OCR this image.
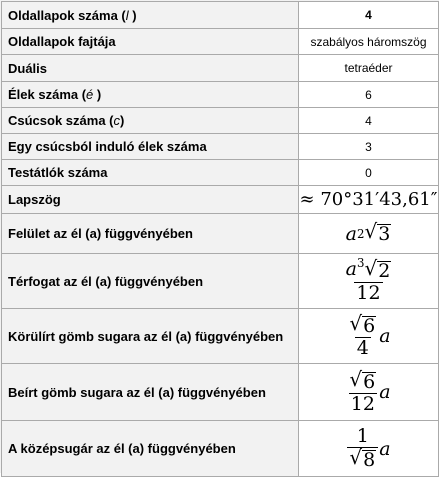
Oldallapok száma (l )	4
Oldallapok fajtája	szabályos háromszög
Duális	tetraéder
Élek száma (é )	6
Csúcsok száma (c)	4
Egy csúcsból induló élek száma	3
Testátlók száma	0
Lapszög	≈ 70°31′43,61″
Felület az él (a) függvényében	a 2 √ 3

Térfogat az él (a) függvényében	$\frac{a^3 √ 2}{12}$

Körülírt gömb sugara az él (a) függvényében	$\frac{√ 6}{4}$ a

Beírt gömb sugara az él (a) függvényében	$\frac{√ 6}{12}$ a

A középsugár az él (a) függvényében	$\frac{1}{√ 8}$ a
